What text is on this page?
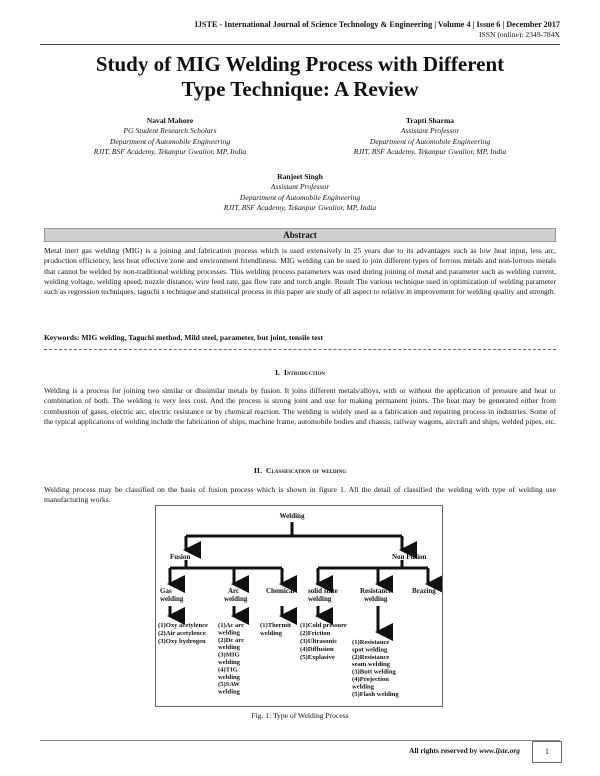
IJSTE - International Journal of Science Technology & Engineering | Volume 4 | Issue 6 | December 2017
ISSN (online): 2349-784X
Study of MIG Welding Process with Different
Type Technique: A Review
Naval Mahore
PG Student Research Scholars
Department of Automobile Engineering
RJIT, BSF Academy, Tekanpur Gwalior, MP, India
Trapti Sharma
Assistant Professor
Department of Automobile Engineering
RJIT, BSF Academy, Tekanpur Gwalior, MP, India
Ranjeet Singh
Assistant Professor
Department of Automobile Engineering
RJIT, BSF Academy, Tekanpur Gwalior, MP, India
Abstract
Metal inert gas welding (MIG) is a joining and fabrication process which is used extensively in 25 years due to its advantages such as low heat input, less arc, production efficiency, less heat effective zone and environment friendliness. MIG welding can be used to join different types of ferrous metals and non-ferrous metals that cannot be welded by non-traditional welding processes. This welding process parameters was used during joining of metal and parameter such as welding current, welding voltage, welding speed, nozzle distance, wire feed rate, gas flow rate and torch angle. Result The various technique used in optimization of welding parameter such as regression techniques, taguchi s technique and statistical process in this paper are study of all aspect to relative in improvement for welding quality and strength.
Keywords: MIG welding, Taguchi method, Mild steel, parameter, but joint, tensile test
I. Introduction
Welding is a process for joining two similar or dissimilar metals by fusion. It joins different metals/alloys, with or without the application of pressure and heat or combination of both. The welding is very less cost. And the process is strong joint and use for making permanent joints. The heat may be generated either from combustion of gases, electric arc, electric resistance or by chemical reaction. The welding is widely used as a fabrication and repairing process in industries. Some of the typical applications of welding include the fabrication of ships, machine frame, automobile bodies and chassis, railway wagons, aircraft and ships, welded pipes, etc.
II. Classification of welding
Welding process may be classified on the basis of fusion process which is shown in figure 1. All the detail of classified the welding with type of welding use manufacturing works.
Welding
Fusion	Non Fusion
Gas
welding
Arc
welding
Chemical solid state
welding
Resistance
welding
Brazing
(1)Oxy acetylence
(2)Air acetylence
(3)Oxy hydrogen
(1)Ac arc
welding
(2)Dc arc
welding
(3)MIG
welding
(4)TIG
welding
(5)SAW
welding
(1)Thermit
welding
(1)Cold pressure
(2)Friction
(3)Ultrasonic
(4)Diffusion
(5)Explasive
(1)Resistance
spot welding
(2)Resistance
seam welding
(3)Butt welding
(4)Projection
welding
(5)Flash welding
Fig. 1: Type of Welding Process
All rights reserved by www.ijste.org	1
